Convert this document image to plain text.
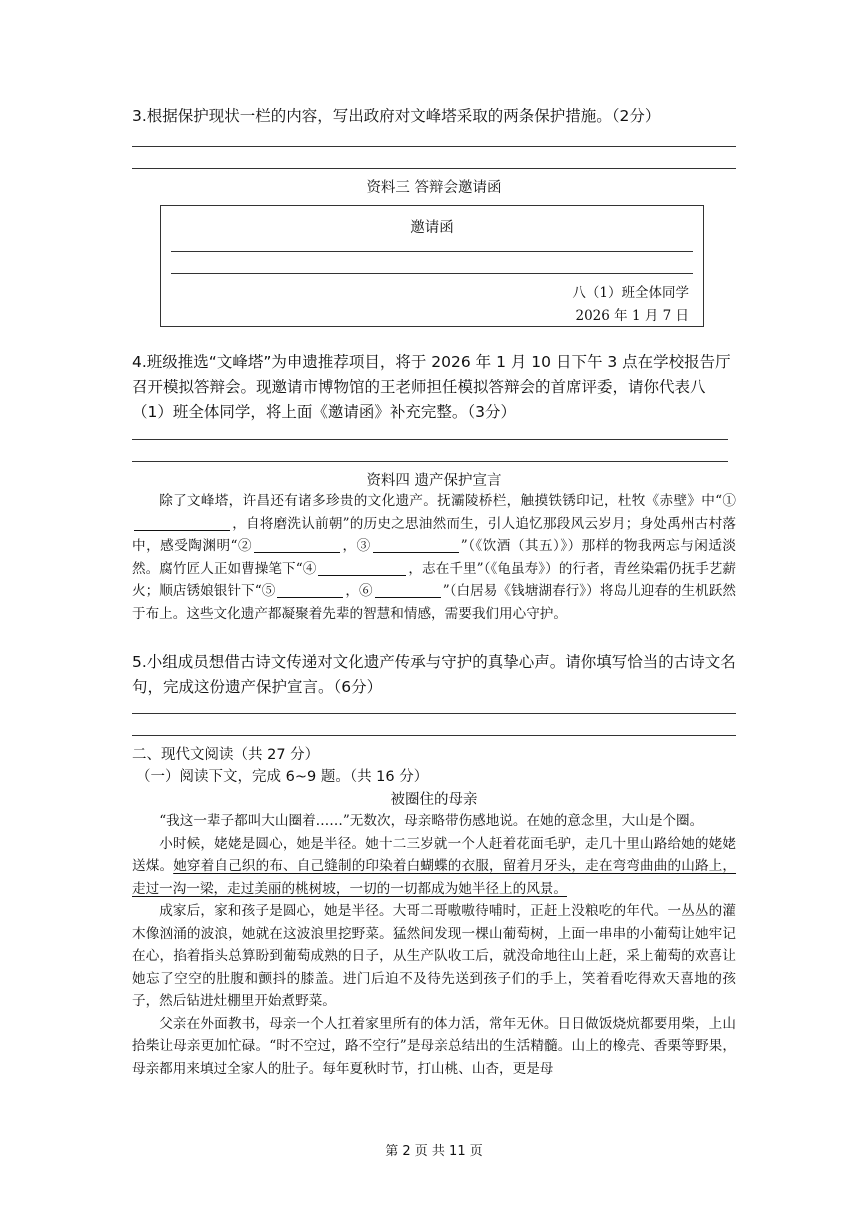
3.根据保护现状一栏的内容，写出政府对文峰塔采取的两条保护措施。（2分）
资料三 答辩会邀请函
邀请函
八（1）班全体同学
2026 年 1 月 7 日
4.班级推选“文峰塔”为申遗推荐项目，将于 2026 年 1 月 10 日下午 3 点在学校报告厅召开模拟答辩会。现邀请市博物馆的王老师担任模拟答辩会的首席评委，请你代表八（1）班全体同学，将上面《邀请函》补充完整。（3分）
资料四 遗产保护宣言

除了文峰塔，许昌还有诸多珍贵的文化遗产。抚灞陵桥栏，触摸铁锈印记，杜牧《赤壁》中“①，自将磨洗认前朝”的历史之思油然而生，引人追忆那段风云岁月；身处禹州古村落中，感受陶渊明“②	，③	”（《饮酒（其五）》）那样的物我两忘与闲适淡然。腐竹匠人正如曹操笔下“④	，志在千里”（《龟虽寿》）的行者，青丝染霜仍抚手艺薪火；顺店锈娘银针下“⑤	，⑥	”（白居易《钱塘湖春行》）将岛儿迎春的生机跃然于布上。这些文化遗产都凝聚着先辈的智慧和情感，需要我们用心守护。

5.小组成员想借古诗文传递对文化遗产传承与守护的真挚心声。请你填写恰当的古诗文名句，完成这份遗产保护宣言。（6分）
二、现代文阅读（共 27 分）
（一）阅读下文，完成 6~9 题。（共 16 分）
被圈住的母亲

“我这一辈子都叫大山圈着……”无数次，母亲略带伤感地说。在她的意念里，大山是个圈。

小时候，姥姥是圆心，她是半径。她十二三岁就一个人赶着花面毛驴，走几十里山路给她的姥姥送煤。她穿着自己织的布、自己缝制的印染着白蝴蝶的衣服，留着月牙头，走在弯弯曲曲的山路上，走过一沟一梁，走过美丽的桃树坡，一切的一切都成为她半径上的风景。

成家后，家和孩子是圆心，她是半径。大哥二哥嗷嗷待哺时，正赶上没粮吃的年代。一丛丛的灌木像汹涌的波浪，她就在这波浪里挖野菜。猛然间发现一棵山葡萄树，上面一串串的小葡萄让她牢记在心，掐着指头总算盼到葡萄成熟的日子，从生产队收工后，就没命地往山上赶，采上葡萄的欢喜让她忘了空空的肚腹和颤抖的膝盖。进门后迫不及待先送到孩子们的手上，笑着看吃得欢天喜地的孩子，然后钻进灶棚里开始煮野菜。

父亲在外面教书，母亲一个人扛着家里所有的体力活，常年无休。日日做饭烧炕都要用柴，上山拾柴让母亲更加忙碌。“时不空过，路不空行”是母亲总结出的生活精髓。山上的橡壳、香栗等野果，母亲都用来填过全家人的肚子。每年夏秋时节，打山桃、山杏，更是母

第 2 页 共 11 页
